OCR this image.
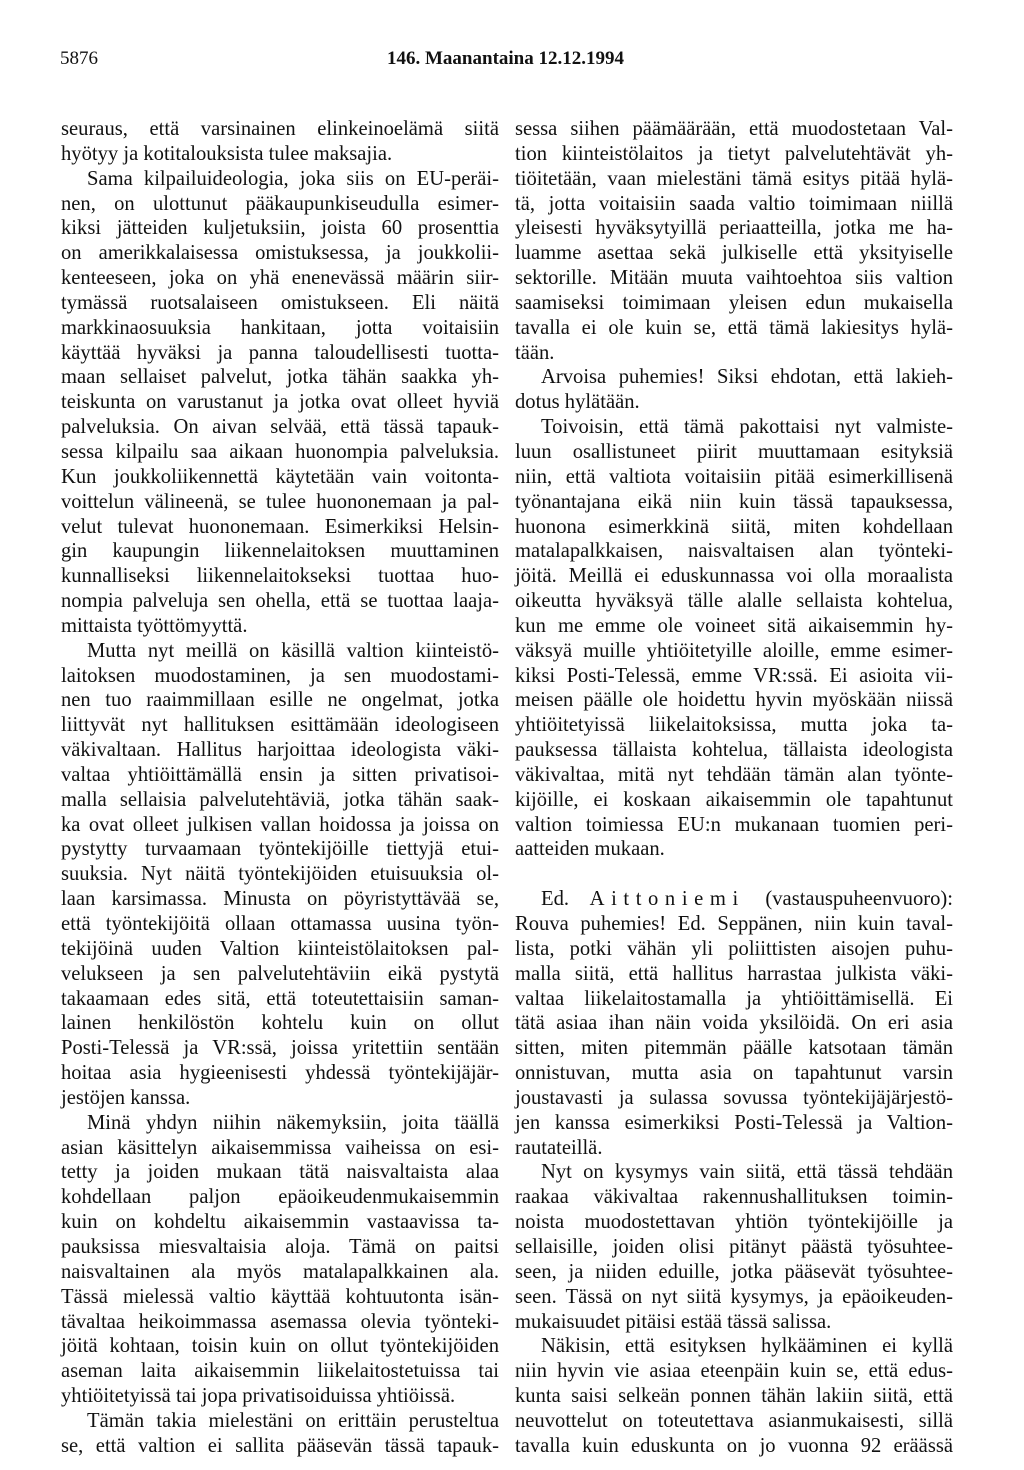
5876	146. Maanantaina 12.12.1994
seuraus, että varsinainen elinkeinoelämä siitä
hyötyy ja kotitalouksista tulee maksajia.
Sama kilpailuideologia, joka siis on EU-peräi-
nen, on ulottunut pääkaupunkiseudulla esimer-
kiksi jätteiden kuljetuksiin, joista 60 prosenttia
on amerikkalaisessa omistuksessa, ja joukkolii-
kenteeseen, joka on yhä enenevässä määrin siir-
tymässä ruotsalaiseen omistukseen. Eli näitä
markkinaosuuksia hankitaan, jotta voitaisiin
käyttää hyväksi ja panna taloudellisesti tuotta-
maan sellaiset palvelut, jotka tähän saakka yh-
teiskunta on varustanut ja jotka ovat olleet hyviä
palveluksia. On aivan selvää, että tässä tapauk-
sessa kilpailu saa aikaan huonompia palveluksia.
Kun joukkoliikennettä käytetään vain voitonta-
voittelun välineenä, se tulee huononemaan ja pal-
velut tulevat huononemaan. Esimerkiksi Helsin-
gin kaupungin liikennelaitoksen muuttaminen
kunnalliseksi liikennelaitokseksi tuottaa huo-
nompia palveluja sen ohella, että se tuottaa laaja-
mittaista työttömyyttä.
Mutta nyt meillä on käsillä valtion kiinteistö-
laitoksen muodostaminen, ja sen muodostami-
nen tuo raaimmillaan esille ne ongelmat, jotka
liittyvät nyt hallituksen esittämään ideologiseen
väkivaltaan. Hallitus harjoittaa ideologista väki-
valtaa yhtiöittämällä ensin ja sitten privatisoi-
malla sellaisia palvelutehtäviä, jotka tähän saak-
ka ovat olleet julkisen vallan hoidossa ja joissa on
pystytty turvaamaan työntekijöille tiettyjä etui-
suuksia. Nyt näitä työntekijöiden etuisuuksia ol-
laan karsimassa. Minusta on pöyristyttävää se,
että työntekijöitä ollaan ottamassa uusina työn-
tekijöinä uuden Valtion kiinteistölaitoksen pal-
velukseen ja sen palvelutehtäviin eikä pystytä
takaamaan edes sitä, että toteutettaisiin saman-
lainen henkilöstön kohtelu kuin on ollut
Posti-Telessä ja VR:ssä, joissa yritettiin sentään
hoitaa asia hygieenisesti yhdessä työntekijäjär-
jestöjen kanssa.
Minä yhdyn niihin näkemyksiin, joita täällä
asian käsittelyn aikaisemmissa vaiheissa on esi-
tetty ja joiden mukaan tätä naisvaltaista alaa
kohdellaan paljon epäoikeudenmukaisemmin
kuin on kohdeltu aikaisemmin vastaavissa ta-
pauksissa miesvaltaisia aloja. Tämä on paitsi
naisvaltainen ala myös matalapalkkainen ala.
Tässä mielessä valtio käyttää kohtuutonta isän-
tävaltaa heikoimmassa asemassa olevia työnteki-
jöitä kohtaan, toisin kuin on ollut työntekijöiden
aseman laita aikaisemmin liikelaitostetuissa tai
yhtiöitetyissä tai jopa privatisoiduissa yhtiöissä.
Tämän takia mielestäni on erittäin perusteltua
se, että valtion ei sallita pääsevän tässä tapauk-
sessa siihen päämäärään, että muodostetaan Val-
tion kiinteistölaitos ja tietyt palvelutehtävät yh-
tiöitetään, vaan mielestäni tämä esitys pitää hylä-
tä, jotta voitaisiin saada valtio toimimaan niillä
yleisesti hyväksytyillä periaatteilla, jotka me ha-
luamme asettaa sekä julkiselle että yksityiselle
sektorille. Mitään muuta vaihtoehtoa siis valtion
saamiseksi toimimaan yleisen edun mukaisella
tavalla ei ole kuin se, että tämä lakiesitys hylä-
tään.
Arvoisa puhemies! Siksi ehdotan, että lakieh-
dotus hylätään.
Toivoisin, että tämä pakottaisi nyt valmiste-
luun osallistuneet piirit muuttamaan esityksiä
niin, että valtiota voitaisiin pitää esimerkillisenä
työnantajana eikä niin kuin tässä tapauksessa,
huonona esimerkkinä siitä, miten kohdellaan
matalapalkkaisen, naisvaltaisen alan työnteki-
jöitä. Meillä ei eduskunnassa voi olla moraalista
oikeutta hyväksyä tälle alalle sellaista kohtelua,
kun me emme ole voineet sitä aikaisemmin hy-
väksyä muille yhtiöitetyille aloille, emme esimer-
kiksi Posti-Telessä, emme VR:ssä. Ei asioita vii-
meisen päälle ole hoidettu hyvin myöskään niissä
yhtiöitetyissä liikelaitoksissa, mutta joka ta-
pauksessa tällaista kohtelua, tällaista ideologista
väkivaltaa, mitä nyt tehdään tämän alan työnte-
kijöille, ei koskaan aikaisemmin ole tapahtunut
valtion toimiessa EU:n mukanaan tuomien peri-
aatteiden mukaan.
Ed. Aittoniemi (vastauspuheenvuoro):
Rouva puhemies! Ed. Seppänen, niin kuin taval-
lista, potki vähän yli poliittisten aisojen puhu-
malla siitä, että hallitus harrastaa julkista väki-
valtaa liikelaitostamalla ja yhtiöittämisellä. Ei
tätä asiaa ihan näin voida yksilöidä. On eri asia
sitten, miten pitemmän päälle katsotaan tämän
onnistuvan, mutta asia on tapahtunut varsin
joustavasti ja sulassa sovussa työntekijäjärjestö-
jen kanssa esimerkiksi Posti-Telessä ja Valtion-
rautateillä.
Nyt on kysymys vain siitä, että tässä tehdään
raakaa väkivaltaa rakennushallituksen toimin-
noista muodostettavan yhtiön työntekijöille ja
sellaisille, joiden olisi pitänyt päästä työsuhtee-
seen, ja niiden eduille, jotka pääsevät työsuhtee-
seen. Tässä on nyt siitä kysymys, ja epäoikeuden-
mukaisuudet pitäisi estää tässä salissa.
Näkisin, että esityksen hylkääminen ei kyllä
niin hyvin vie asiaa eteenpäin kuin se, että edus-
kunta saisi selkeän ponnen tähän lakiin siitä, että
neuvottelut on toteutettava asianmukaisesti, sillä
tavalla kuin eduskunta on jo vuonna 92 eräässä
